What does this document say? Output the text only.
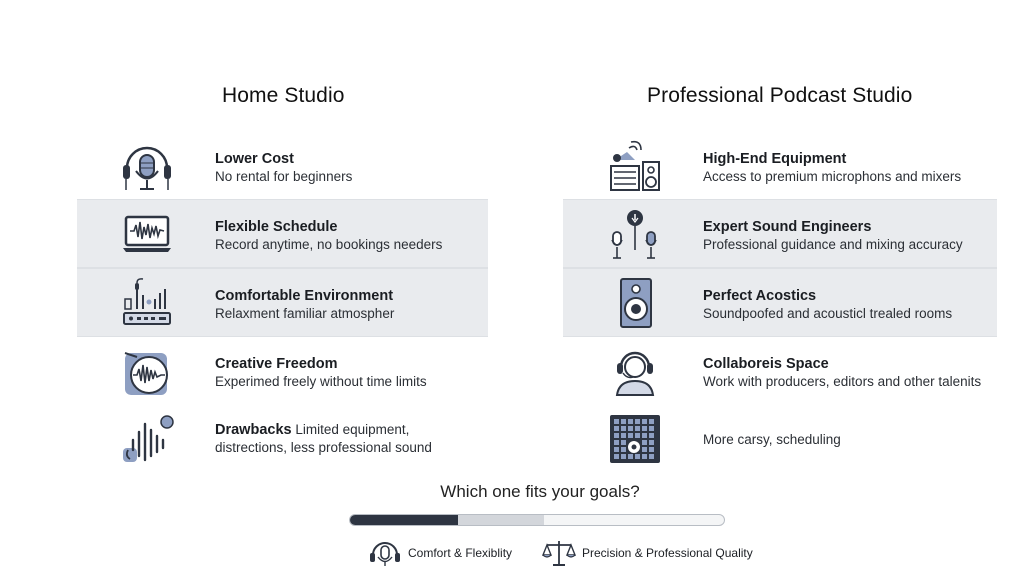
Home Studio	Professional Podcast Studio
Lower Cost
No rental for beginners
Flexible Schedule
Record anytime, no bookings needers
Comfortable Environment
Relaxment familiar atmospher
Creative Freedom
Experimed freely without time limits
Drawbacks Limited equipment,
distrections, less professional sound
High-End Equipment
Access to premium microphons and mixers
Expert Sound Engineers
Professional guidance and mixing accuracy
Perfect Acostics
Soundpoofed and acousticl trealed rooms
Collaboreis Space
Work with producers, editors and other talenits
More carsy, scheduling

Which one fits your goals?

Comfort & Flexiblity	Precision & Professional Quality
